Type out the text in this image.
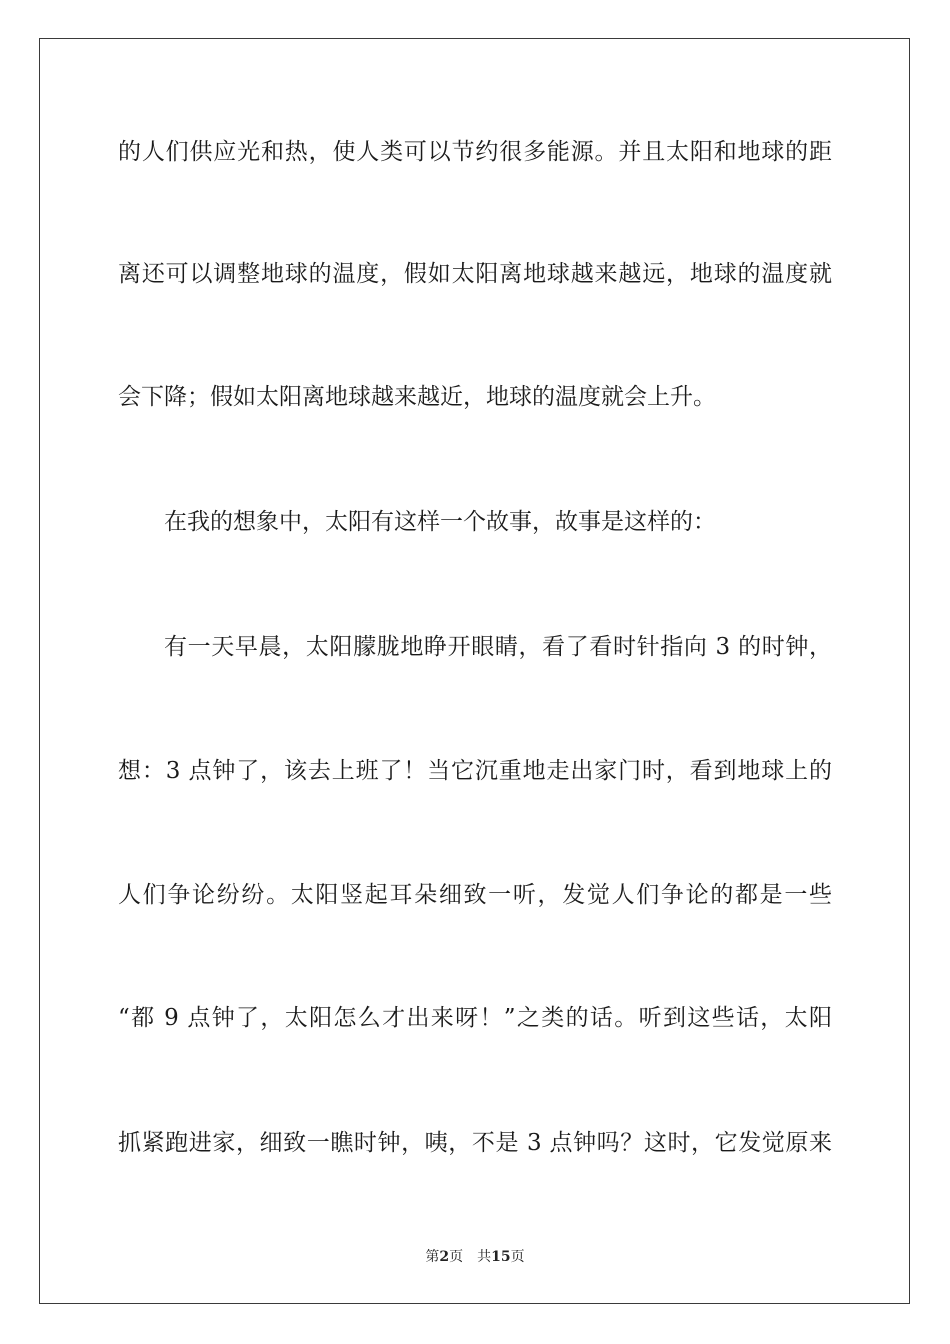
的人们供应光和热，使人类可以节约很多能源。并且太阳和地球的距
离还可以调整地球的温度，假如太阳离地球越来越远，地球的温度就
会下降；假如太阳离地球越来越近，地球的温度就会上升。
在我的想象中，太阳有这样一个故事，故事是这样的：
有一天早晨，太阳朦胧地睁开眼睛，看了看时针指向 3 的时钟，
想：3 点钟了，该去上班了！当它沉重地走出家门时，看到地球上的
人们争论纷纷。太阳竖起耳朵细致一听，发觉人们争论的都是一些
“都 9 点钟了，太阳怎么才出来呀！”之类的话。听到这些话，太阳
抓紧跑进家，细致一瞧时钟，咦，不是 3 点钟吗？这时，它发觉原来
第2页 共15页
